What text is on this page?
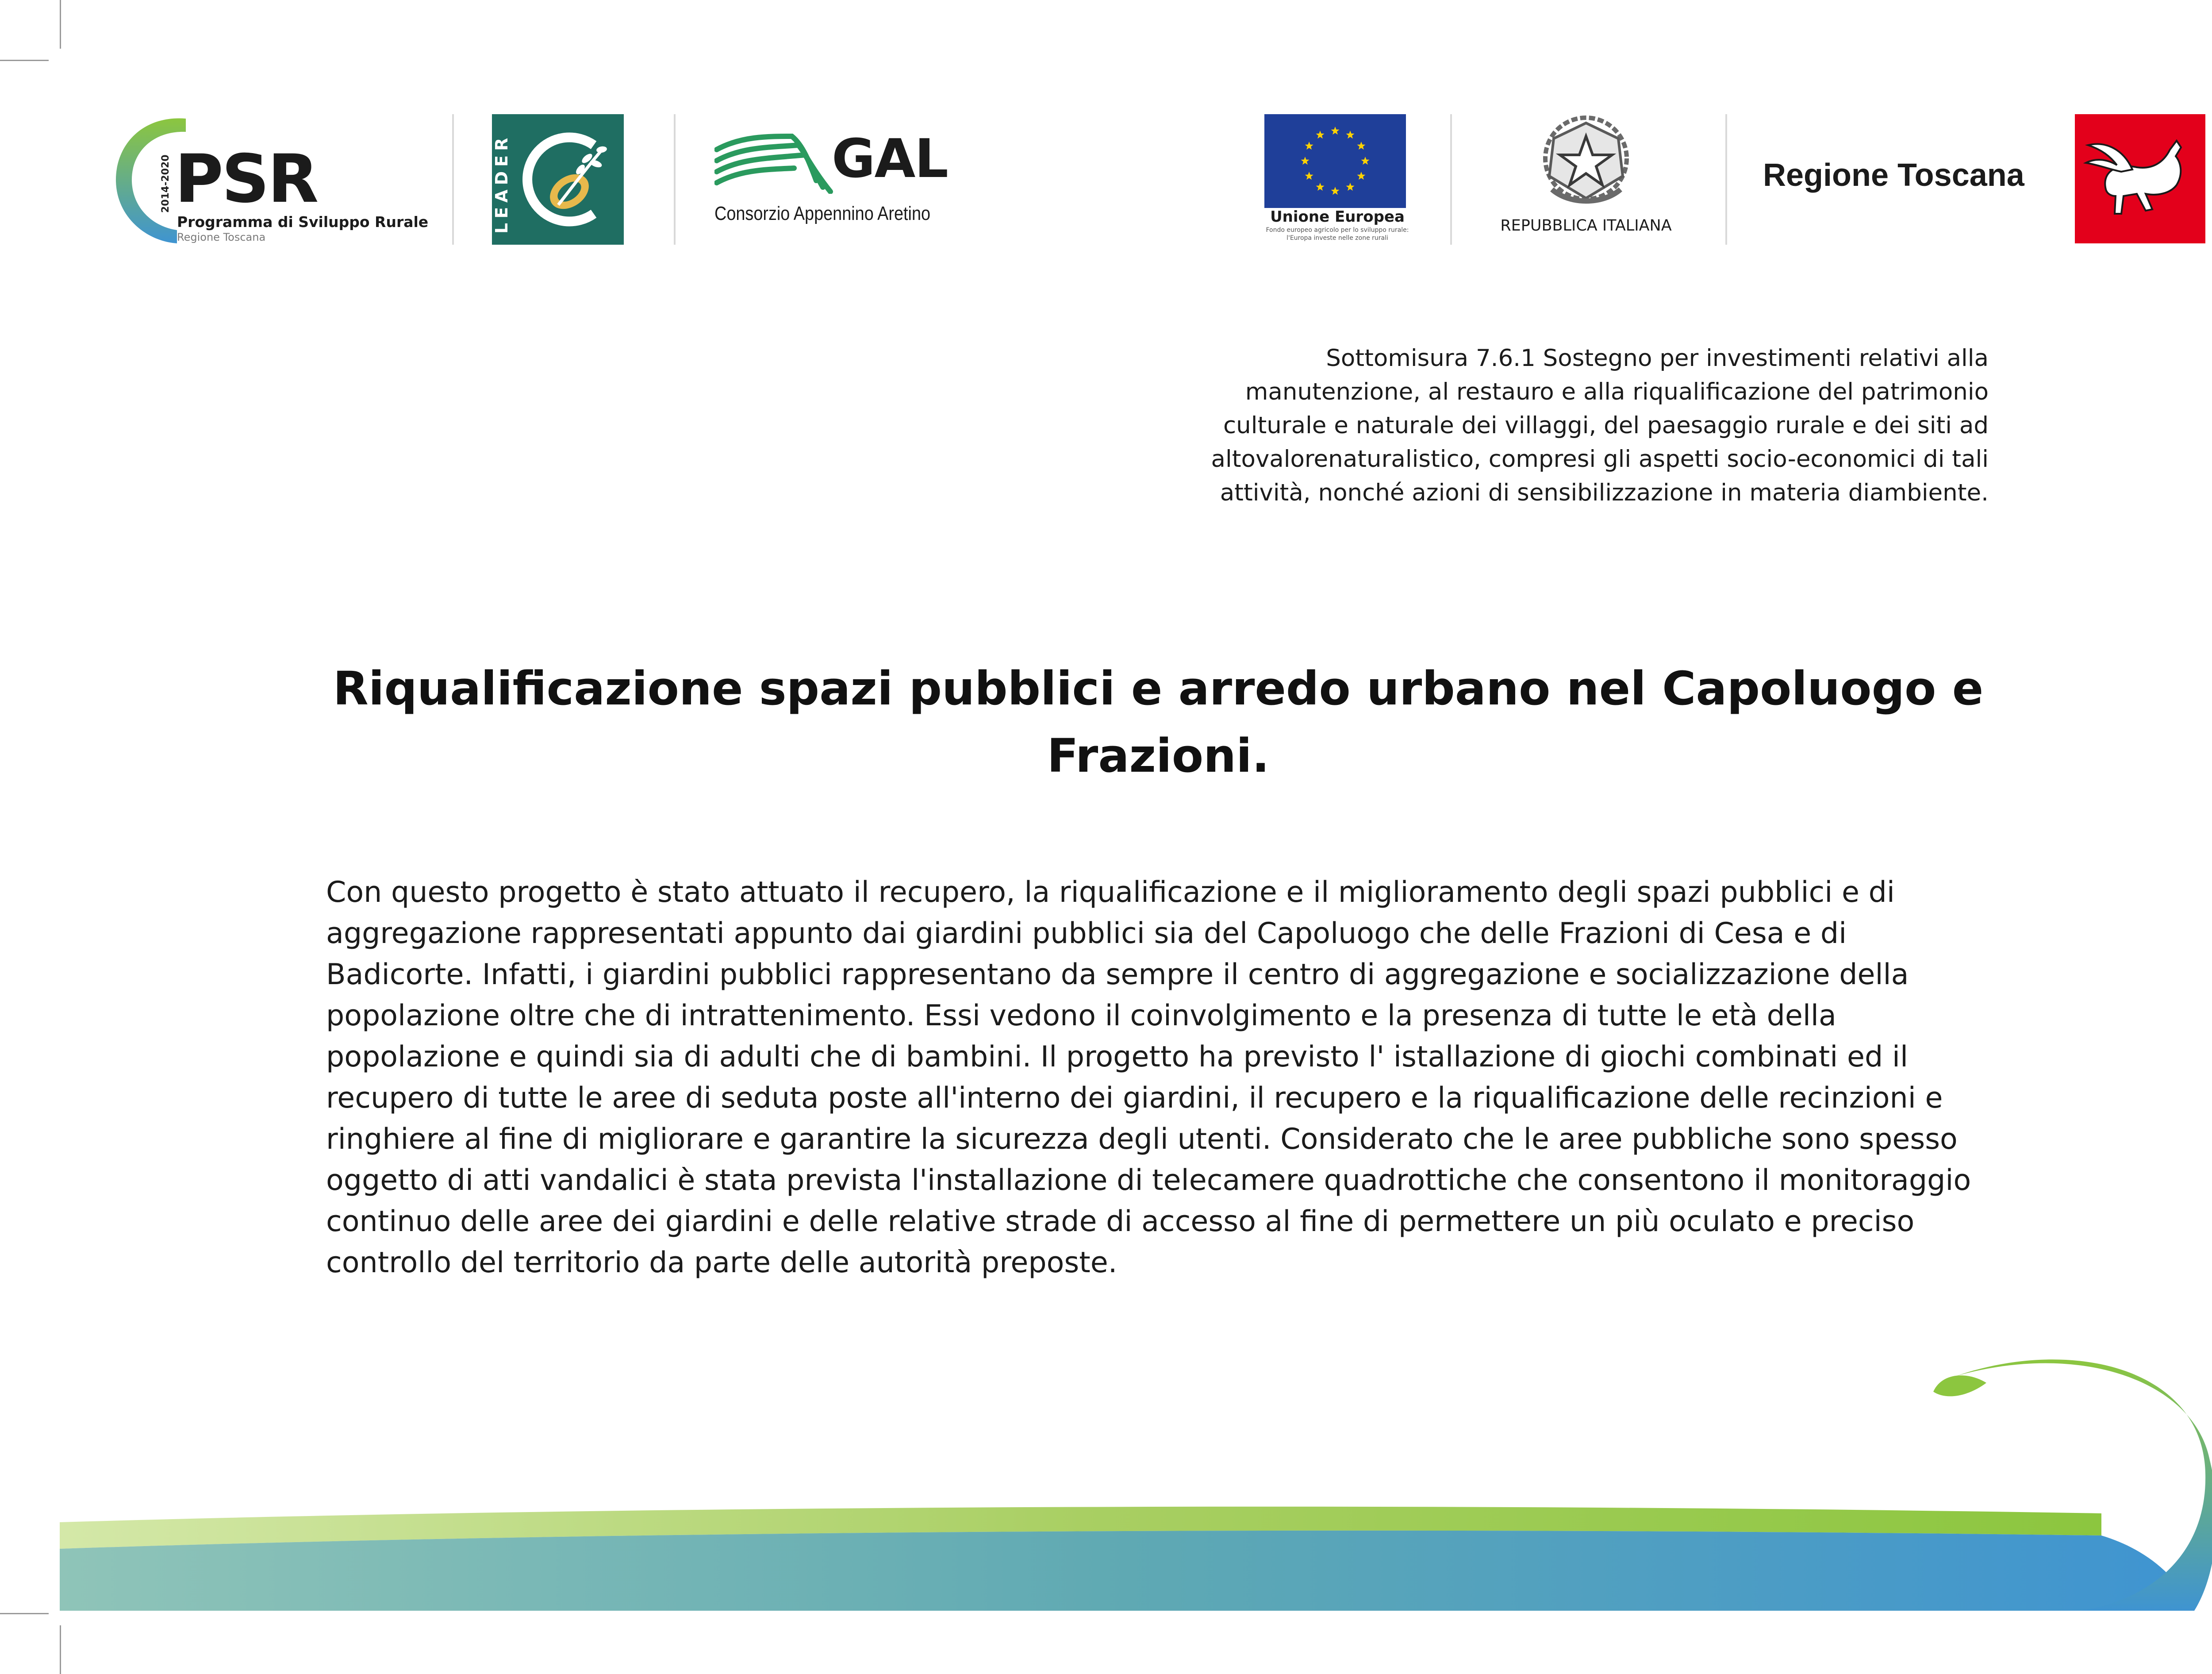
2014-2020 PSR
Programma di Sviluppo Rurale
Regione Toscana
LEADER	GAL
Consorzio Appennino Aretino	Unione Europea
Fondo europeo agricolo per lo sviluppo rurale:
l'Europa investe nelle zone rurali
REPUBBLICA ITALIANA
Regione Toscana
Sottomisura 7.6.1 Sostegno per investimenti relativi alla
manutenzione, al restauro e alla riqualificazione del patrimonio
culturale e naturale dei villaggi, del paesaggio rurale e dei siti ad
altovalorenaturalistico, compresi gli aspetti socio-economici di tali
attività, nonché azioni di sensibilizzazione in materia diambiente.
Riqualificazione spazi pubblici e arredo urbano nel Capoluogo e
Frazioni.
Con questo progetto è stato attuato il recupero, la riqualificazione e il miglioramento degli spazi pubblici e di
aggregazione rappresentati appunto dai giardini pubblici sia del Capoluogo che delle Frazioni di Cesa e di
Badicorte. Infatti, i giardini pubblici rappresentano da sempre il centro di aggregazione e socializzazione della
popolazione oltre che di intrattenimento. Essi vedono il coinvolgimento e la presenza di tutte le età della
popolazione e quindi sia di adulti che di bambini. Il progetto ha previsto l' istallazione di giochi combinati ed il
recupero di tutte le aree di seduta poste all'interno dei giardini, il recupero e la riqualificazione delle recinzioni e
ringhiere al fine di migliorare e garantire la sicurezza degli utenti. Considerato che le aree pubbliche sono spesso
oggetto di atti vandalici è stata prevista l'installazione di telecamere quadrottiche che consentono il monitoraggio
continuo delle aree dei giardini e delle relative strade di accesso al fine di permettere un più oculato e preciso
controllo del territorio da parte delle autorità preposte.
